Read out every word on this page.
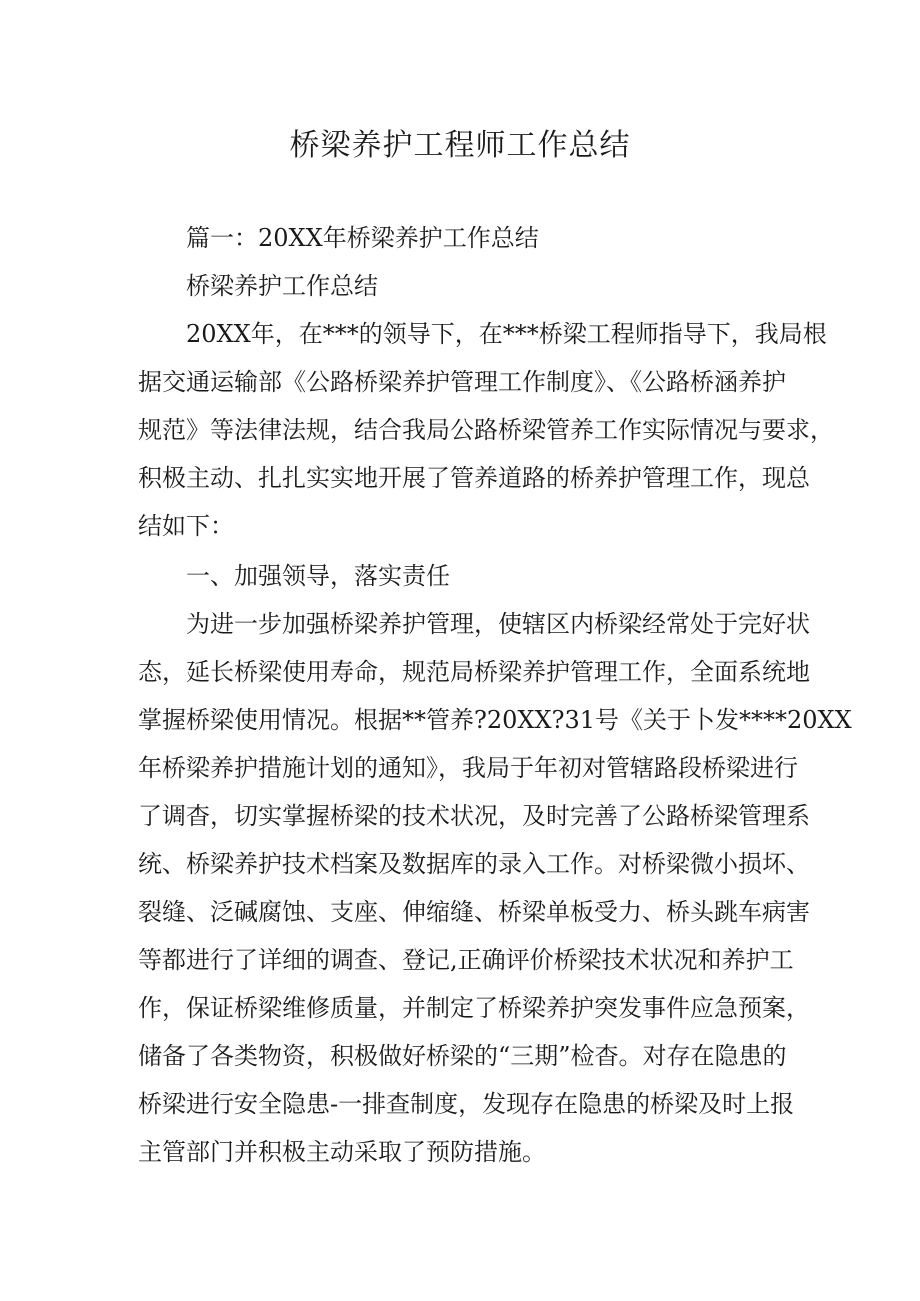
桥梁养护工程师工作总结

篇一：20XX年桥梁养护工作总结

桥梁养护工作总结

20XX年，在***的领导下，在***桥梁工程师指导下，我局根

据交通运输部《公路桥梁养护管理工作制度》、《公路桥涵养护

规范》等法律法规，结合我局公路桥梁管养工作实际情况与要求，

积极主动、扎扎实实地开展了管养道路的桥养护管理工作，现总

结如下：

一、加强领导，落实责任

为进一步加强桥梁养护管理，使辖区内桥梁经常处于完好状

态，延长桥梁使用寿命，规范局桥梁养护管理工作，全面系统地

掌握桥梁使用情况。根据**管养?20XX?31号《关于卜发****20XX

年桥梁养护措施计划的通知》，我局于年初对管辖路段桥梁进行

了调杳，切实掌握桥梁的技术状况，及时完善了公路桥梁管理系

统、桥梁养护技术档案及数据库的录入工作。对桥梁微小损坏、

裂缝、泛碱腐蚀、支座、伸缩缝、桥梁单板受力、桥头跳车病害

等都进行了详细的调查、登记,正确评价桥梁技术状况和养护工

作，保证桥梁维修质量，并制定了桥梁养护突发事件应急预案，

储备了各类物资，积极做好桥梁的“三期”检杳。对存在隐患的

桥梁进行安全隐患-一排查制度，发现存在隐患的桥梁及时上报

主管部门并积极主动采取了预防措施。
